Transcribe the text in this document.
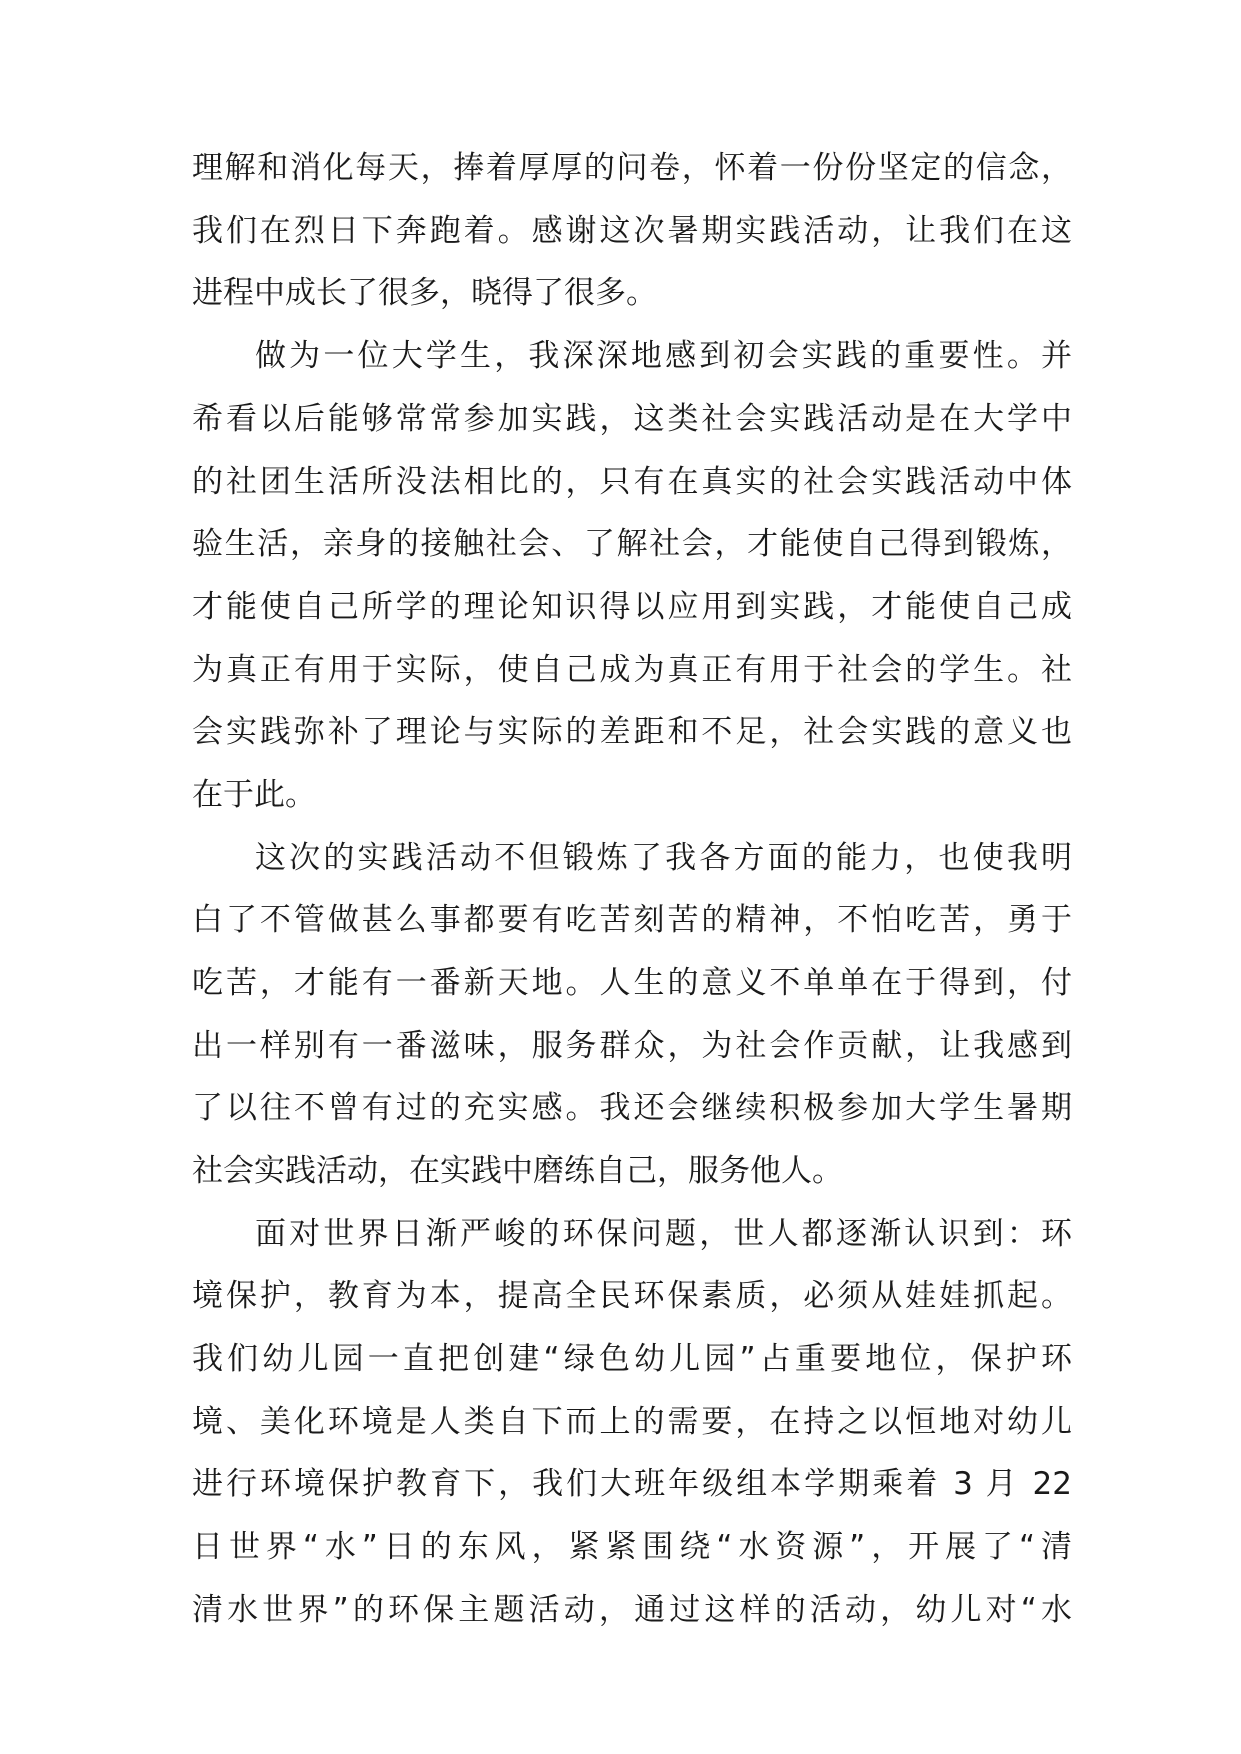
理解和消化每天，捧着厚厚的问卷，怀着一份份坚定的信念，
我们在烈日下奔跑着。感谢这次暑期实践活动，让我们在这
进程中成长了很多，晓得了很多。
做为一位大学生，我深深地感到初会实践的重要性。并
希看以后能够常常参加实践，这类社会实践活动是在大学中
的社团生活所没法相比的，只有在真实的社会实践活动中体
验生活，亲身的接触社会、了解社会，才能使自己得到锻炼，
才能使自己所学的理论知识得以应用到实践，才能使自己成
为真正有用于实际，使自己成为真正有用于社会的学生。社
会实践弥补了理论与实际的差距和不足，社会实践的意义也
在于此。
这次的实践活动不但锻炼了我各方面的能力，也使我明
白了不管做甚么事都要有吃苦刻苦的精神，不怕吃苦，勇于
吃苦，才能有一番新天地。人生的意义不单单在于得到，付
出一样别有一番滋味，服务群众，为社会作贡献，让我感到
了以往不曾有过的充实感。我还会继续积极参加大学生暑期
社会实践活动，在实践中磨练自己，服务他人。
面对世界日渐严峻的环保问题，世人都逐渐认识到：环
境保护，教育为本，提高全民环保素质，必须从娃娃抓起。
我们幼儿园一直把创建“绿色幼儿园”占重要地位，保护环
境、美化环境是人类自下而上的需要，在持之以恒地对幼儿
进行环境保护教育下，我们大班年级组本学期乘着 3 月 22
日世界“水”日的东风，紧紧围绕“水资源”，开展了“清
清水世界”的环保主题活动，通过这样的活动，幼儿对“水
